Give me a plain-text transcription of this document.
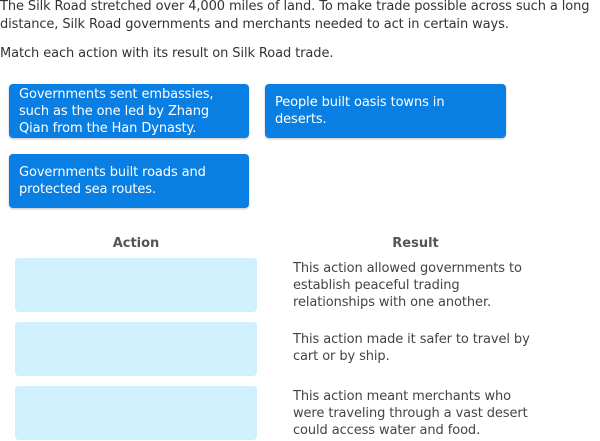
The Silk Road stretched over 4,000 miles of land. To make trade possible across such a long distance, Silk Road governments and merchants needed to act in certain ways.

Match each action with its result on Silk Road trade.

Governments sent embassies, such as the one led by Zhang Qian from the Han Dynasty.
People built oasis towns in deserts.
Governments built roads and protected sea routes.
Action	Result
This action allowed governments to establish peaceful trading relationships with one another.
This action made it safer to travel by cart or by ship.
This action meant merchants who were traveling through a vast desert could access water and food.
